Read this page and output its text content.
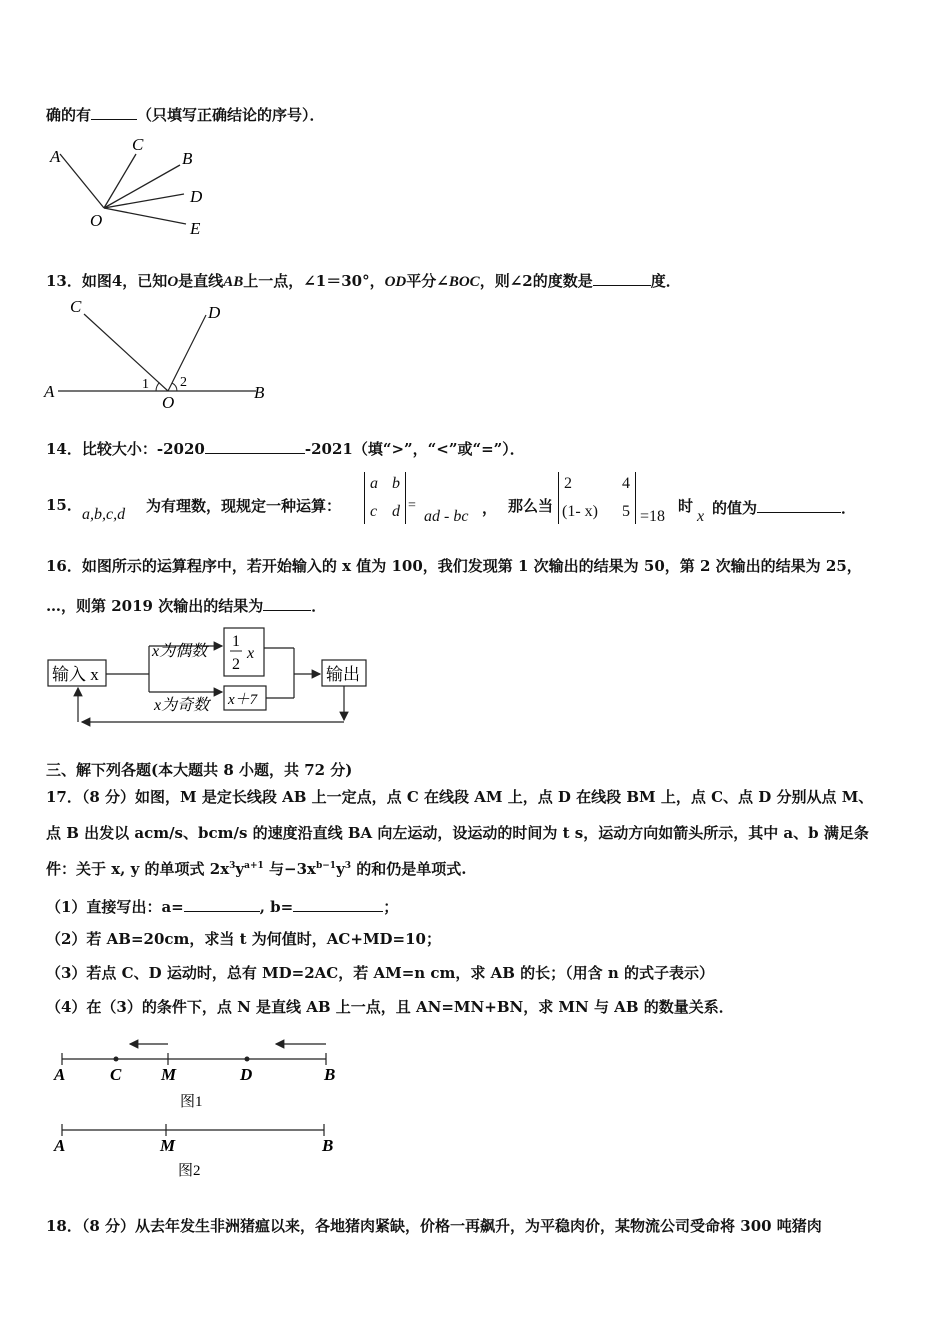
确的有	（只填写正确结论的序号）．
A
C
B
D
E
O
13．如图4，已知O是直线AB上一点，∠1＝30°，OD平分∠BOC，则∠2的度数是	度．
C	D
A	1 2
O
B
14．比较大小：-2020	-2021（填“>”，“<”或“=”）．
15．
a,b,c,d 为有理数，现规定一种运算：
a b
c d =
ad - bc ， 那么当
2	4
(1- x) 5 =18
时
x 的值为	．
16．如图所示的运算程序中，若开始输入的 x 值为 100，我们发现第 1 次输出的结果为 50，第 2 次输出的结果为 25，
…，则第 2019 次输出的结果为	．
输入 x
x为偶数
x为奇数
1
2
x
x＋7
输出
三、解下列各题(本大题共 8 小题，共 72 分)
17．（8 分）如图，M 是定长线段 AB 上一定点，点 C 在线段 AM 上，点 D 在线段 BM 上，点 C、点 D 分别从点 M、
点 B 出发以 acm/s、bcm/s 的速度沿直线 BA 向左运动，设运动的时间为 t s，运动方向如箭头所示，其中 a、b 满足条
件：关于 x, y 的单项式 $2x^3y^{a+1}$ 与$-3x^{b-1}y^3$ 的和仍是单项式.
（1）直接写出：a=	, b=	；
（2）若 AB=20cm，求当 t 为何值时，AC+MD=10；
（3）若点 C、D 运动时，总有 MD=2AC，若 AM=n cm，求 AB 的长；（用含 n 的式子表示）
（4）在（3）的条件下，点 N 是直线 AB 上一点，且 AN=MN+BN，求 MN 与 AB 的数量关系．
A	C M	D	B
图1
A	M	B
图2
18．（8 分）从去年发生非洲猪瘟以来，各地猪肉紧缺，价格一再飙升，为平稳肉价，某物流公司受命将 300 吨猪肉
